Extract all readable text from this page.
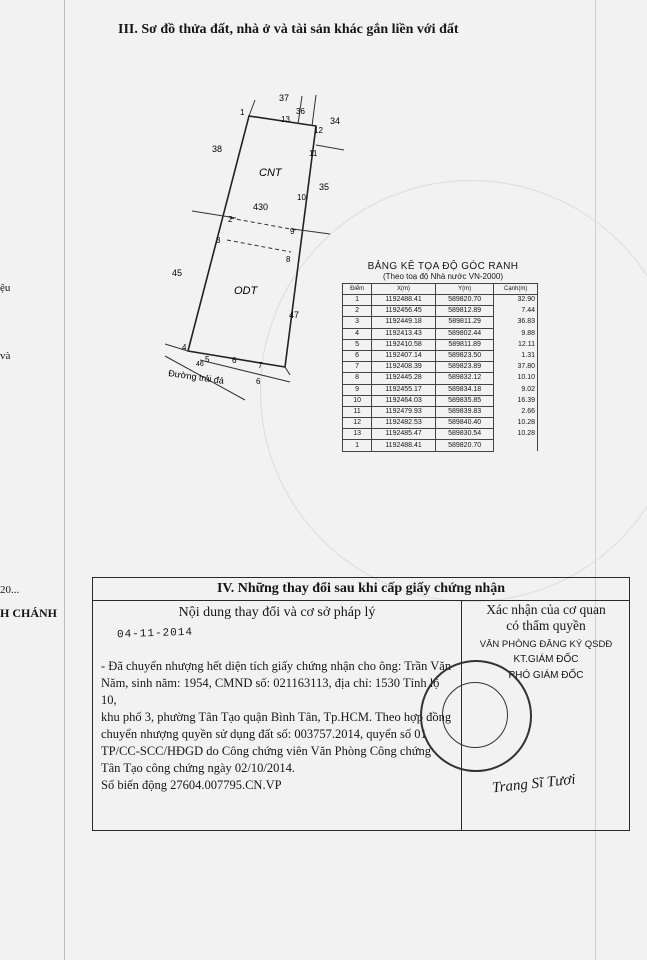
III. Sơ đồ thửa đất, nhà ở và tài sản khác gắn liền với đất
ệu
và
20...
H CHÁNH
Đường trải đá
CNT
ODT
430
1
2
3
4
5	6
7
8
9
10
11
12
13
37
36
34
38
35
45
47
46
6
BẢNG KÊ TỌA ĐỘ GÓC RANH
(Theo toạ độ Nhà nước VN-2000)
Điểm	X(m)	Y(m)	Cạnh(m)
1	1192488.41	589820.70	32.90
2	1192456.45	589812.89	7.44
3	1192449.18	589811.29	36.83
4	1192413.43	589802.44	9.88
5	1192410.58	589811.89	12.11
6	1192407.14	589823.50	1.31
7	1192408.39	589823.89	37.80
8	1192445.28	589832.12	10.10
9	1192455.17	589834.18	9.02
10	1192464.03	589835.85	16.39
11	1192479.93	589839.83	2.66
12	1192482.53	589840.40	10.28
13	1192485.47	589830.54	10.28
1	1192488.41	589820.70	
IV. Những thay đổi sau khi cấp giấy chứng nhận
Nội dung thay đổi và cơ sở pháp lý
04-11-2014
- Đã chuyển nhượng hết diện tích giấy chứng nhận cho ông: Trần Văn
Năm, sinh năm: 1954, CMND số: 021163113, địa chỉ: 1530 Tỉnh lộ 10,
khu phố 3, phường Tân Tạo quận Bình Tân, Tp.HCM. Theo hợp đồng
chuyển nhượng quyền sử dụng đất số: 003757.2014, quyển số 01
TP/CC-SCC/HĐGD do Công chứng viên Văn Phòng Công chứng
Tân Tạo công chứng ngày 02/10/2014.
Số biến động 27604.007795.CN.VP
Xác nhận của cơ quan
có thẩm quyền
VĂN PHÒNG ĐĂNG KÝ QSDĐ
KT.GIÁM ĐỐC
PHÓ GIÁM ĐỐC
Trang Sĩ Tươi
